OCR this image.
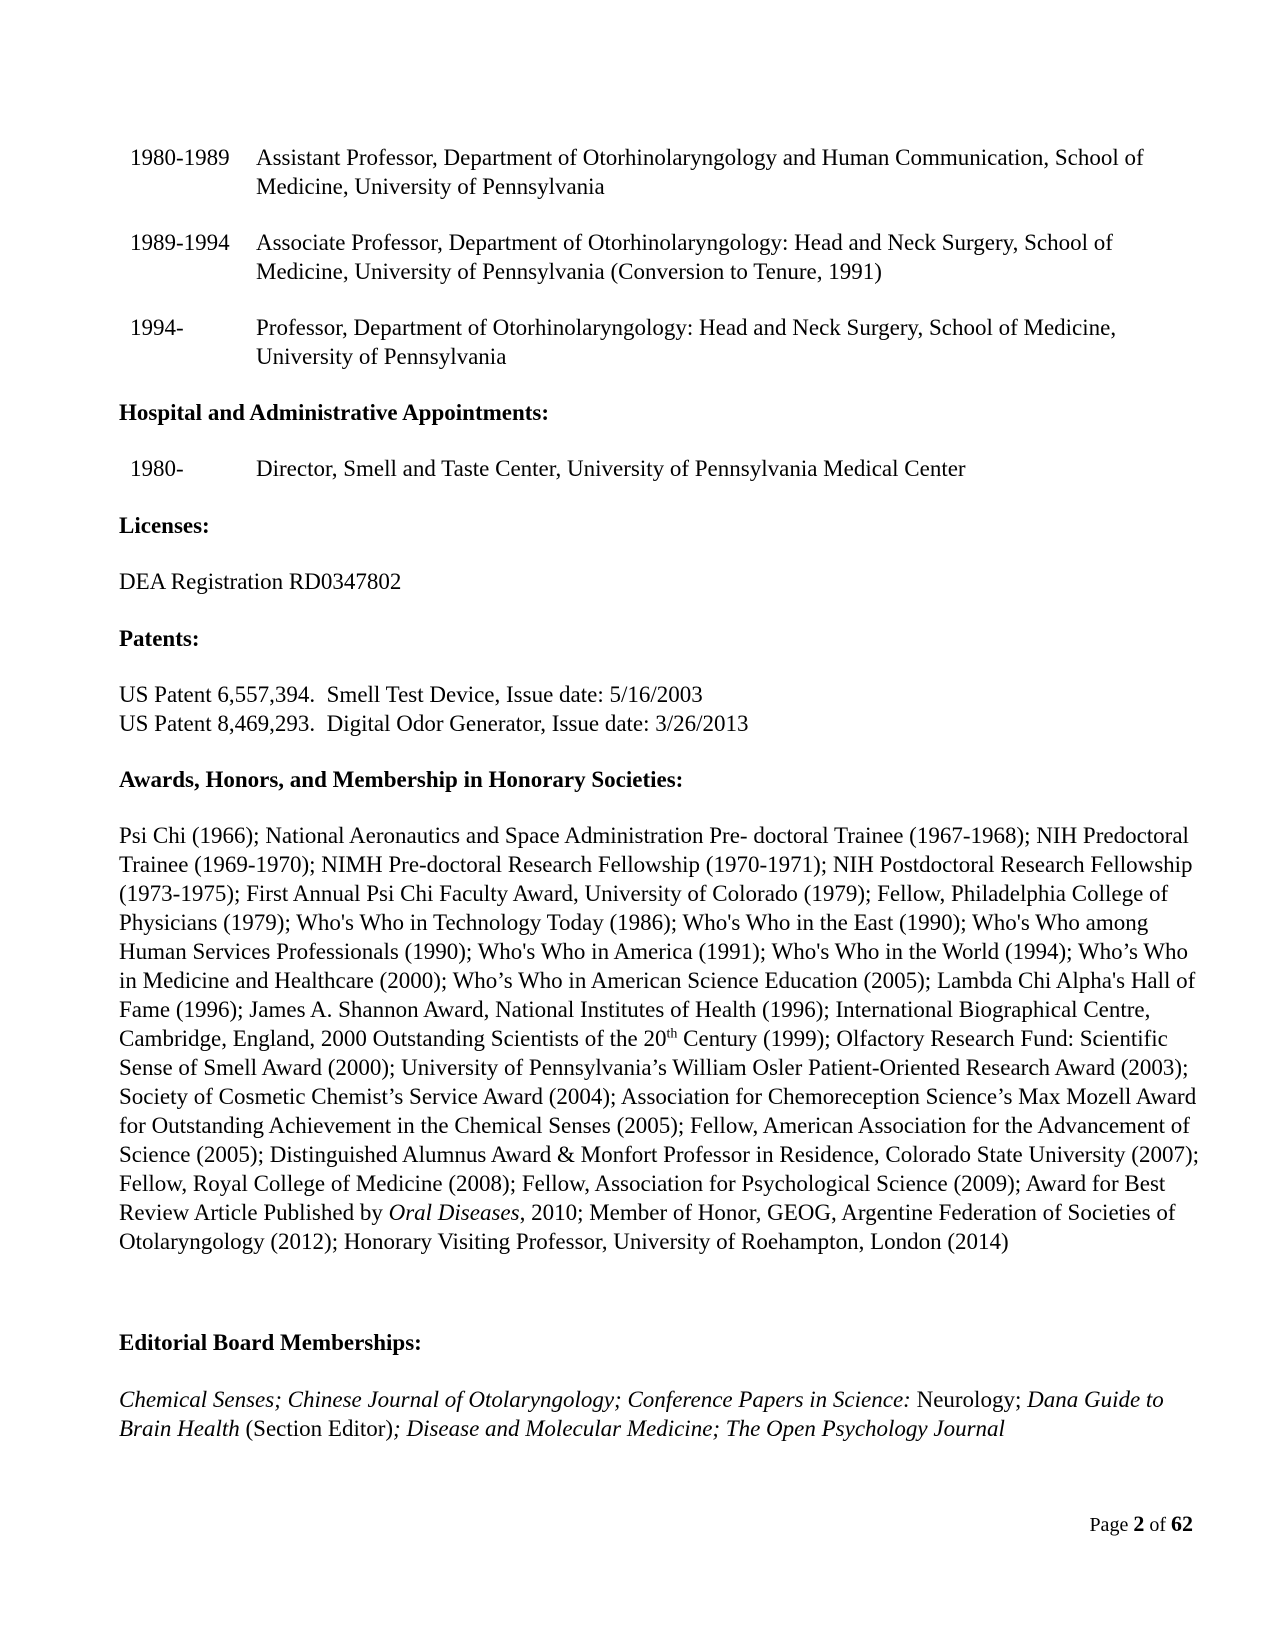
1980-1989	Assistant Professor, Department of Otorhinolaryngology and Human Communication, School of Medicine, University of Pennsylvania
1989-1994	Associate Professor, Department of Otorhinolaryngology: Head and Neck Surgery, School of Medicine, University of Pennsylvania (Conversion to Tenure, 1991)
1994-	Professor, Department of Otorhinolaryngology: Head and Neck Surgery, School of Medicine, University of Pennsylvania
Hospital and Administrative Appointments:
1980-	Director, Smell and Taste Center, University of Pennsylvania Medical Center
Licenses:
DEA Registration RD0347802
Patents:
US Patent 6,557,394.  Smell Test Device, Issue date: 5/16/2003
US Patent 8,469,293.  Digital Odor Generator, Issue date: 3/26/2013
Awards, Honors, and Membership in Honorary Societies:
Psi Chi (1966); National Aeronautics and Space Administration Pre- doctoral Trainee (1967-1968); NIH Predoctoral Trainee (1969-1970); NIMH Pre-doctoral Research Fellowship (1970-1971); NIH Postdoctoral Research Fellowship (1973-1975); First Annual Psi Chi Faculty Award, University of Colorado (1979); Fellow, Philadelphia College of Physicians (1979); Who's Who in Technology Today (1986); Who's Who in the East (1990); Who's Who among Human Services Professionals (1990); Who's Who in America (1991); Who's Who in the World (1994); Who’s Who in Medicine and Healthcare (2000); Who’s Who in American Science Education (2005); Lambda Chi Alpha's Hall of Fame (1996); James A. Shannon Award, National Institutes of Health (1996); International Biographical Centre, Cambridge, England, 2000 Outstanding Scientists of the 20th Century (1999); Olfactory Research Fund: Scientific Sense of Smell Award (2000); University of Pennsylvania’s William Osler Patient-Oriented Research Award (2003); Society of Cosmetic Chemist’s Service Award (2004); Association for Chemoreception Science’s Max Mozell Award for Outstanding Achievement in the Chemical Senses (2005); Fellow, American Association for the Advancement of Science (2005); Distinguished Alumnus Award & Monfort Professor in Residence, Colorado State University (2007); Fellow, Royal College of Medicine (2008); Fellow, Association for Psychological Science (2009); Award for Best Review Article Published by Oral Diseases, 2010; Member of Honor, GEOG, Argentine Federation of Societies of Otolaryngology (2012); Honorary Visiting Professor, University of Roehampton, London (2014)
Editorial Board Memberships:
Chemical Senses; Chinese Journal of Otolaryngology; Conference Papers in Science: Neurology; Dana Guide to Brain Health (Section Editor); Disease and Molecular Medicine; The Open Psychology Journal
Page 2 of 62
